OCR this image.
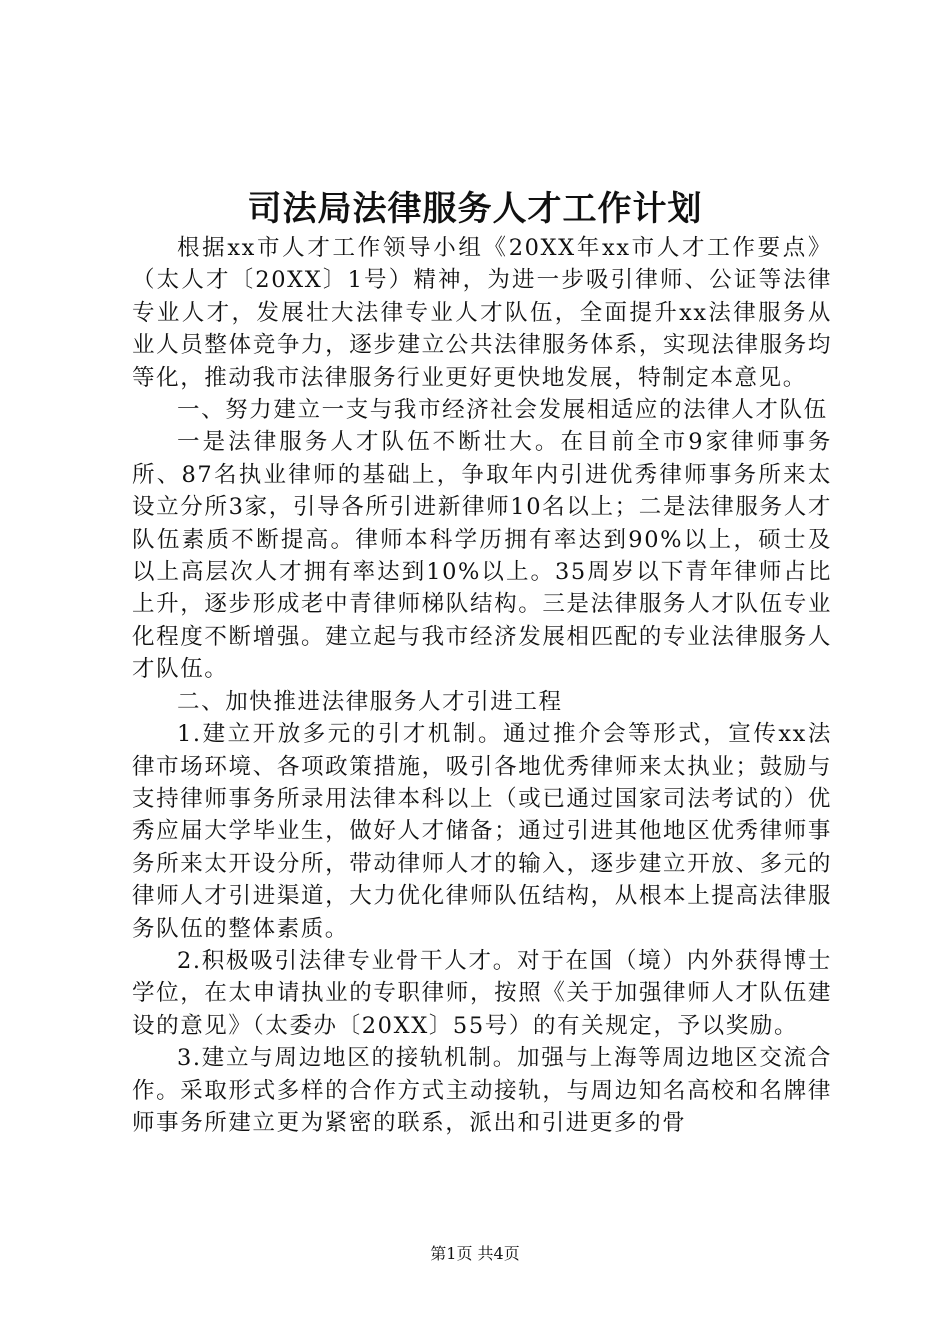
司法局法律服务人才工作计划

根据xx市人才工作领导小组《20XX年xx市人才工作要点》（太人才〔20XX〕1号）精神，为进一步吸引律师、公证等法律专业人才，发展壮大法律专业人才队伍，全面提升xx法律服务从业人员整体竞争力，逐步建立公共法律服务体系，实现法律服务均等化，推动我市法律服务行业更好更快地发展，特制定本意见。

一、努力建立一支与我市经济社会发展相适应的法律人才队伍

一是法律服务人才队伍不断壮大。在目前全市9家律师事务所、87名执业律师的基础上，争取年内引进优秀律师事务所来太设立分所3家，引导各所引进新律师10名以上；二是法律服务人才队伍素质不断提高。律师本科学历拥有率达到90%以上，硕士及以上高层次人才拥有率达到10%以上。35周岁以下青年律师占比上升，逐步形成老中青律师梯队结构。三是法律服务人才队伍专业化程度不断增强。建立起与我市经济发展相匹配的专业法律服务人才队伍。

二、加快推进法律服务人才引进工程

1.建立开放多元的引才机制。通过推介会等形式，宣传xx法律市场环境、各项政策措施，吸引各地优秀律师来太执业；鼓励与支持律师事务所录用法律本科以上（或已通过国家司法考试的）优秀应届大学毕业生，做好人才储备；通过引进其他地区优秀律师事务所来太开设分所，带动律师人才的输入，逐步建立开放、多元的律师人才引进渠道，大力优化律师队伍结构，从根本上提高法律服务队伍的整体素质。

2.积极吸引法律专业骨干人才。对于在国（境）内外获得博士学位，在太申请执业的专职律师，按照《关于加强律师人才队伍建设的意见》（太委办〔20XX〕55号）的有关规定，予以奖励。

3.建立与周边地区的接轨机制。加强与上海等周边地区交流合作。采取形式多样的合作方式主动接轨，与周边知名高校和名牌律师事务所建立更为紧密的联系，派出和引进更多的骨

第1页 共4页
